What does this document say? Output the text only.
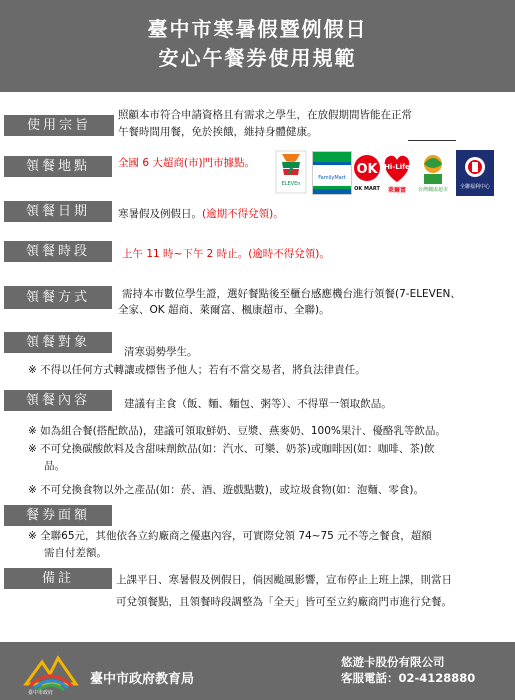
臺中市寒暑假暨例假日
安心午餐券使用規範
使用宗旨
照顧本市符合申請資格且有需求之學生，在放假期間皆能在正常
午餐時間用餐，免於挨餓，維持身體健康。
領餐地點	全國 6 大超商(市)門市據點。 7
ELEVEn
FamilyMart
OK
OK MART
Hi-Life
萊爾富 台灣楓康超市 全聯福利中心
領餐日期	寒暑假及例假日。(逾期不得兌領)。
領餐時段	上午 11 時~下午 2 時止。(逾時不得兌領)。
領餐方式	需持本市數位學生證，選好餐點後至櫃台感應機台進行領餐(7-ELEVEN、
全家、OK 超商、萊爾富、楓康超市、全聯)。
領餐對象
清寒弱勢學生。
※ 不得以任何方式轉讓或標售予他人；若有不當交易者，將負法律責任。
領餐內容	建議有主食（飯、麵、麵包、粥等）、不得單一領取飲品。
※ 如為組合餐(搭配飲品)，建議可領取鮮奶、豆漿、燕麥奶、100%果汁、優酪乳等飲品。
※ 不可兌換碳酸飲料及含甜味劑飲品(如：汽水、可樂、奶茶)或咖啡因(如：咖啡、茶)飲
品。
※ 不可兌換食物以外之產品(如：菸、酒、遊戲點數)，或垃圾食物(如：泡麵、零食)。
餐券面額
※ 全聯65元，其他依各立約廠商之優惠內容，可實際兌領 74~75 元不等之餐食，超額
需自付差額。
備註	上課平日、寒暑假及例假日，倘因颱風影響，宣布停止上班上課，則當日
可兌領餐點，且領餐時段調整為「全天」皆可至立約廠商門市進行兌餐。
臺中市政府
臺中市政府教育局
悠遊卡股份有限公司
客服電話：02-4128880
